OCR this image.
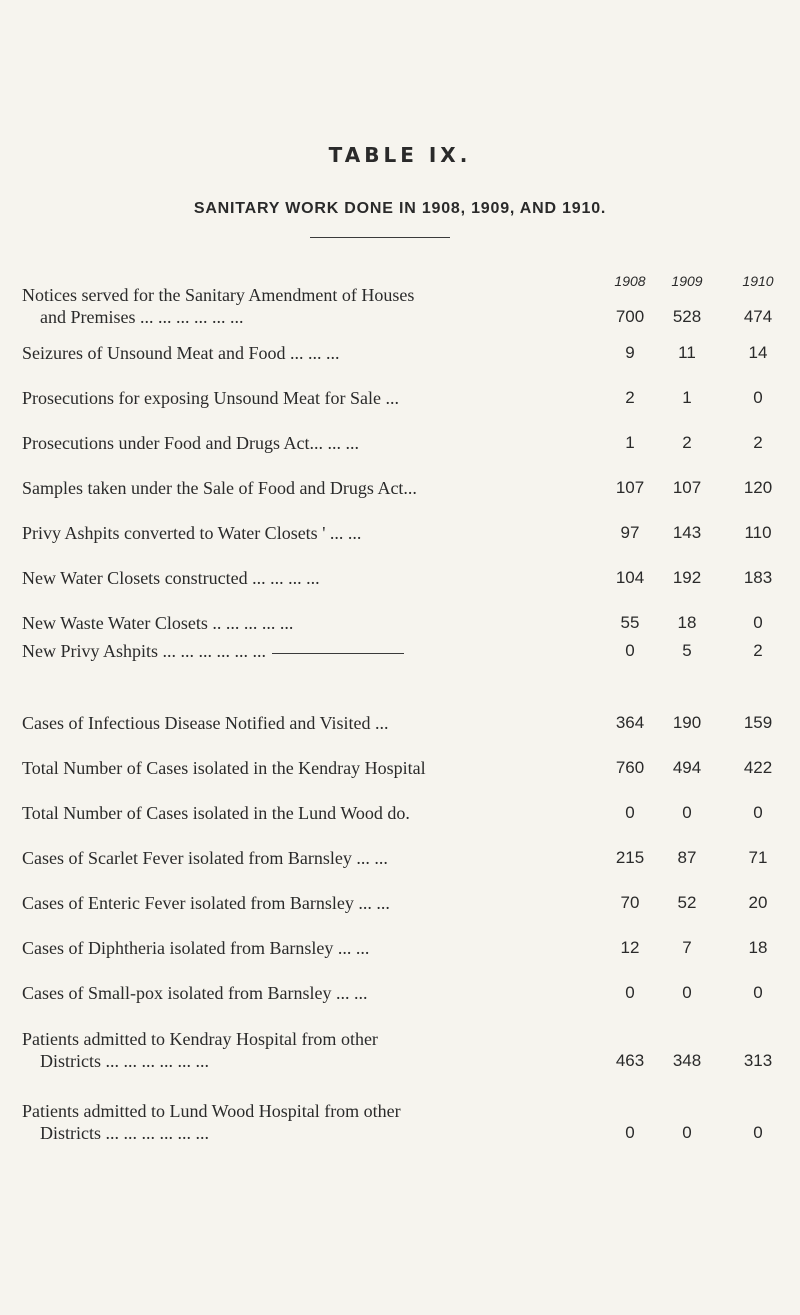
TABLE IX.
SANITARY WORK DONE IN 1908, 1909, AND 1910.
1908	1909	1910
Notices served for the Sanitary Amendment of Houses
and Premises ... ... ... ... ... ...	700	528	474
Seizures of Unsound Meat and Food ... ... ...	9	11	14
Prosecutions for exposing Unsound Meat for Sale ...	2	1	0
Prosecutions under Food and Drugs Act... ... ...	1	2	2
Samples taken under the Sale of Food and Drugs Act...	107	107	120
Privy Ashpits converted to Water Closets ' ... ...	97	143	110
New Water Closets constructed ... ... ... ...	104	192	183
New Waste Water Closets .. ... ... ... ...	55	18	0
New Privy Ashpits ... ... ... ... ... ...	0	5	2
Cases of Infectious Disease Notified and Visited ...	364	190	159
Total Number of Cases isolated in the Kendray Hospital	760	494	422
Total Number of Cases isolated in the Lund Wood do.	0	0	0
Cases of Scarlet Fever isolated from Barnsley ... ...	215	87	71
Cases of Enteric Fever isolated from Barnsley ... ...	70	52	20
Cases of Diphtheria isolated from Barnsley ... ...	12	7	18
Cases of Small-pox isolated from Barnsley ... ...	0	0	0
Patients admitted to Kendray Hospital from other
Districts ... ... ... ... ... ...	463	348	313
Patients admitted to Lund Wood Hospital from other
Districts ... ... ... ... ... ...	0	0	0
